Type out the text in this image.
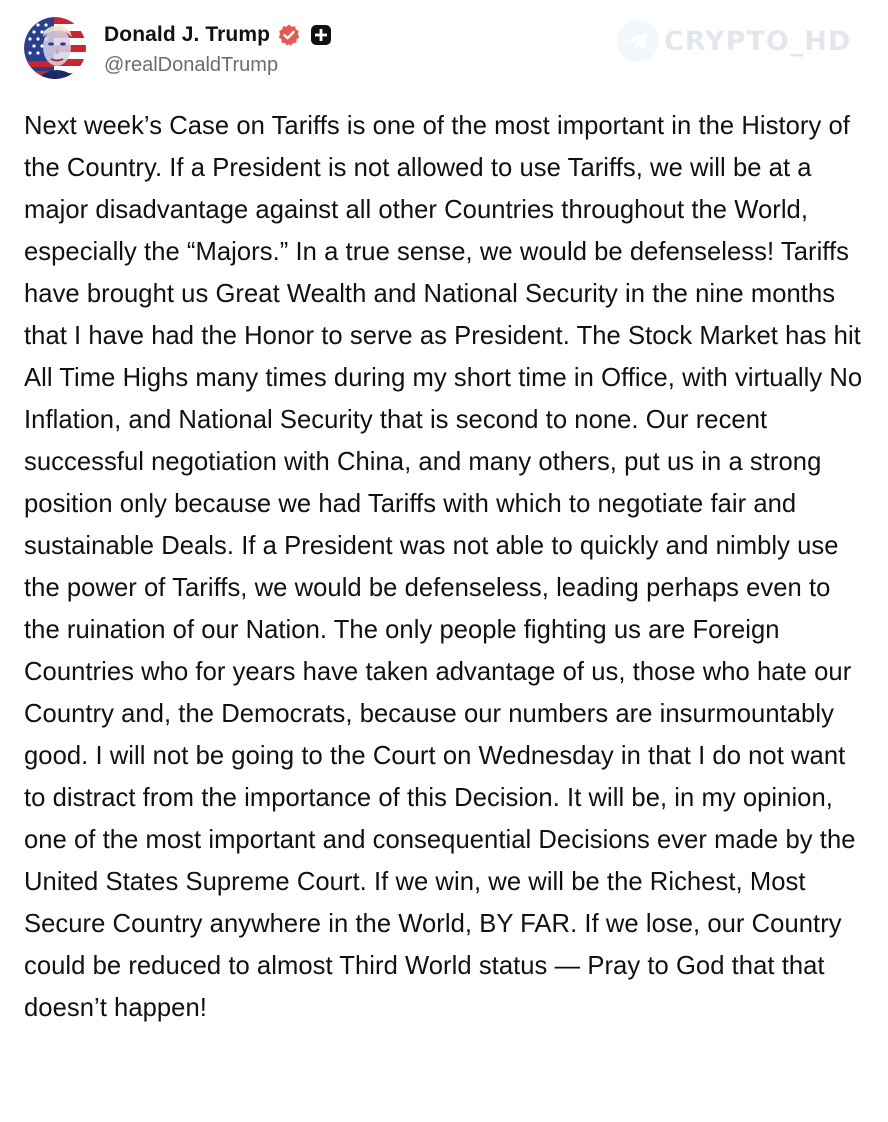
Donald J. Trump
@realDonaldTrump
CRYPTO_HD

Next week’s Case on Tariffs is one of the most important in the History of the Country. If a President is not allowed to use Tariffs, we will be at a major disadvantage against all other Countries throughout the World, especially the “Majors.” In a true sense, we would be defenseless! Tariffs have brought us Great Wealth and National Security in the nine months that I have had the Honor to serve as President. The Stock Market has hit All Time Highs many times during my short time in Office, with virtually No Inflation, and National Security that is second to none. Our recent successful negotiation with China, and many others, put us in a strong position only because we had Tariffs with which to negotiate fair and sustainable Deals. If a President was not able to quickly and nimbly use the power of Tariffs, we would be defenseless, leading perhaps even to the ruination of our Nation. The only people fighting us are Foreign Countries who for years have taken advantage of us, those who hate our Country and, the Democrats, because our numbers are insurmountably good. I will not be going to the Court on Wednesday in that I do not want to distract from the importance of this Decision. It will be, in my opinion, one of the most important and consequential Decisions ever made by the United States Supreme Court. If we win, we will be the Richest, Most Secure Country anywhere in the World, BY FAR. If we lose, our Country could be reduced to almost Third World status — Pray to God that that doesn’t happen!
